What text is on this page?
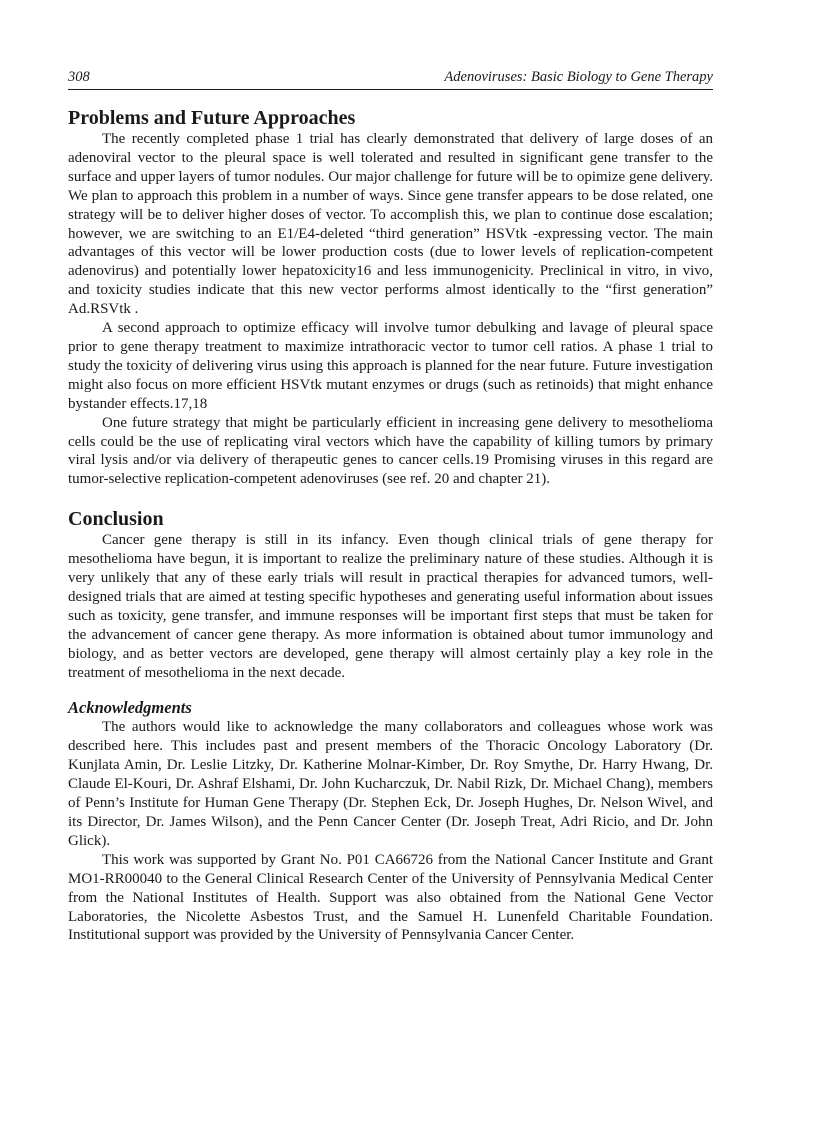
308	Adenoviruses: Basic Biology to Gene Therapy
Problems and Future Approaches

The recently completed phase 1 trial has clearly demonstrated that delivery of large doses of an adenoviral vector to the pleural space is well tolerated and resulted in significant gene transfer to the surface and upper layers of tumor nodules. Our major challenge for future will be to opimize gene delivery. We plan to approach this problem in a number of ways. Since gene transfer appears to be dose related, one strategy will be to deliver higher doses of vector. To accomplish this, we plan to continue dose escalation; however, we are switching to an E1/E4-deleted “third generation” HSVtk -expressing vector. The main advantages of this vector will be lower production costs (due to lower levels of replication-competent adenovirus) and potentially lower hepatoxicity16 and less immunogenicity. Preclinical in vitro, in vivo, and toxicity studies indicate that this new vector performs almost identically to the “first generation” Ad.RSVtk .

A second approach to optimize efficacy will involve tumor debulking and lavage of pleural space prior to gene therapy treatment to maximize intrathoracic vector to tumor cell ratios. A phase 1 trial to study the toxicity of delivering virus using this approach is planned for the near future. Future investigation might also focus on more efficient HSVtk mutant enzymes or drugs (such as retinoids) that might enhance bystander effects.17,18

One future strategy that might be particularly efficient in increasing gene delivery to mesothelioma cells could be the use of replicating viral vectors which have the capability of killing tumors by primary viral lysis and/or via delivery of therapeutic genes to cancer cells.19 Promising viruses in this regard are tumor-selective replication-competent adenoviruses (see ref. 20 and chapter 21).

Conclusion

Cancer gene therapy is still in its infancy. Even though clinical trials of gene therapy for mesothelioma have begun, it is important to realize the preliminary nature of these studies. Although it is very unlikely that any of these early trials will result in practical therapies for advanced tumors, well-designed trials that are aimed at testing specific hypotheses and generating useful information about issues such as toxicity, gene transfer, and immune responses will be important first steps that must be taken for the advancement of cancer gene therapy. As more information is obtained about tumor immunology and biology, and as better vectors are developed, gene therapy will almost certainly play a key role in the treatment of mesothelioma in the next decade.

Acknowledgments

The authors would like to acknowledge the many collaborators and colleagues whose work was described here. This includes past and present members of the Thoracic Oncology Laboratory (Dr. Kunjlata Amin, Dr. Leslie Litzky, Dr. Katherine Molnar-Kimber, Dr. Roy Smythe, Dr. Harry Hwang, Dr. Claude El-Kouri, Dr. Ashraf Elshami, Dr. John Kucharczuk, Dr. Nabil Rizk, Dr. Michael Chang), members of Penn’s Institute for Human Gene Therapy (Dr. Stephen Eck, Dr. Joseph Hughes, Dr. Nelson Wivel, and its Director, Dr. James Wilson), and the Penn Cancer Center (Dr. Joseph Treat, Adri Ricio, and Dr. John Glick).

This work was supported by Grant No. P01 CA66726 from the National Cancer Institute and Grant MO1-RR00040 to the General Clinical Research Center of the University of Pennsylvania Medical Center from the National Institutes of Health. Support was also obtained from the National Gene Vector Laboratories, the Nicolette Asbestos Trust, and the Samuel H. Lunenfeld Charitable Foundation. Institutional support was provided by the University of Pennsylvania Cancer Center.
